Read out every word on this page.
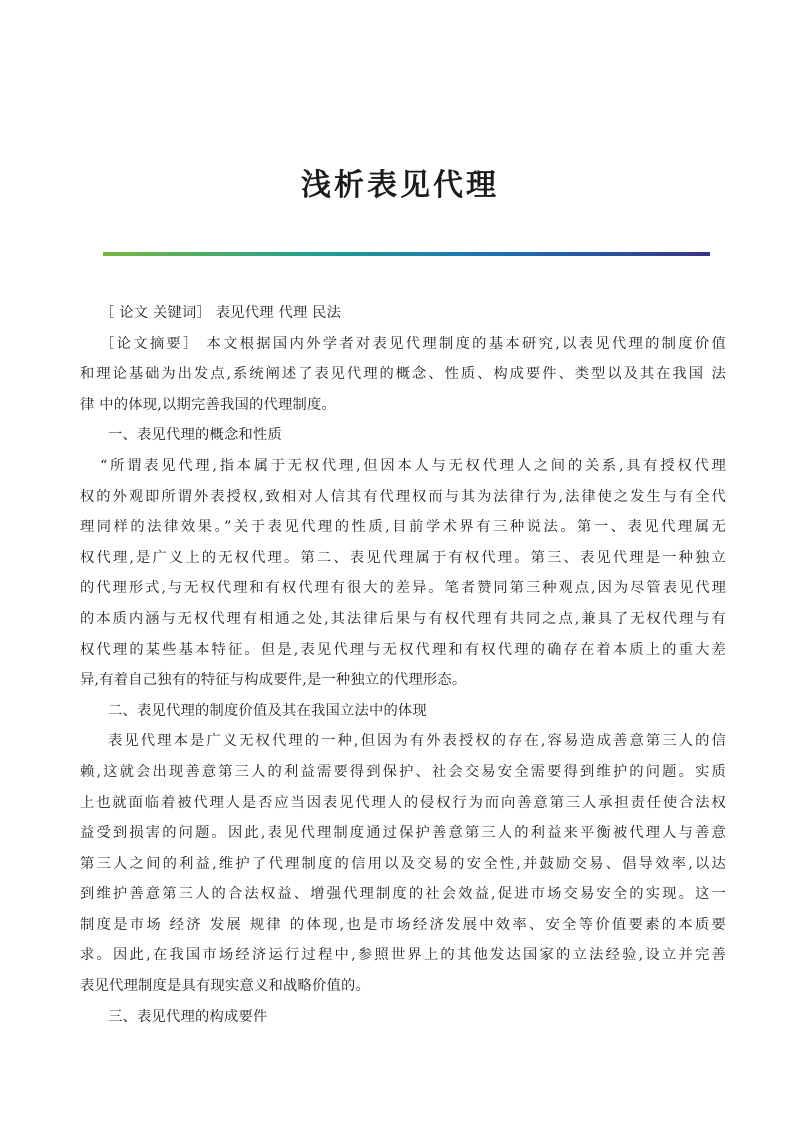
浅析表见代理
［ 论文 关键词］ 表见代理 代理 民法
［论文摘要］ 本文根据国内外学者对表见代理制度的基本研究,以表见代理的制度价值
和理论基础为出发点,系统阐述了表见代理的概念、性质、构成要件、类型以及其在我国 法
律 中的体现,以期完善我国的代理制度。
一、表见代理的概念和性质
“所谓表见代理,指本属于无权代理,但因本人与无权代理人之间的关系,具有授权代理
权的外观即所谓外表授权,致相对人信其有代理权而与其为法律行为,法律使之发生与有全代
理同样的法律效果。”关于表见代理的性质,目前学术界有三种说法。第一、表见代理属无
权代理,是广义上的无权代理。第二、表见代理属于有权代理。第三、表见代理是一种独立
的代理形式,与无权代理和有权代理有很大的差异。笔者赞同第三种观点,因为尽管表见代理
的本质内涵与无权代理有相通之处,其法律后果与有权代理有共同之点,兼具了无权代理与有
权代理的某些基本特征。但是,表见代理与无权代理和有权代理的确存在着本质上的重大差
异,有着自己独有的特征与构成要件,是一种独立的代理形态。
二、表见代理的制度价值及其在我国立法中的体现
表见代理本是广义无权代理的一种,但因为有外表授权的存在,容易造成善意第三人的信
赖,这就会出现善意第三人的利益需要得到保护、社会交易安全需要得到维护的问题。实质
上也就面临着被代理人是否应当因表见代理人的侵权行为而向善意第三人承担责任使合法权
益受到损害的问题。因此,表见代理制度通过保护善意第三人的利益来平衡被代理人与善意
第三人之间的利益,维护了代理制度的信用以及交易的安全性,并鼓励交易、倡导效率,以达
到维护善意第三人的合法权益、增强代理制度的社会效益,促进市场交易安全的实现。这一
制度是市场 经济 发展 规律 的体现,也是市场经济发展中效率、安全等价值要素的本质要
求。因此,在我国市场经济运行过程中,参照世界上的其他发达国家的立法经验,设立并完善
表见代理制度是具有现实意义和战略价值的。
三、表见代理的构成要件
